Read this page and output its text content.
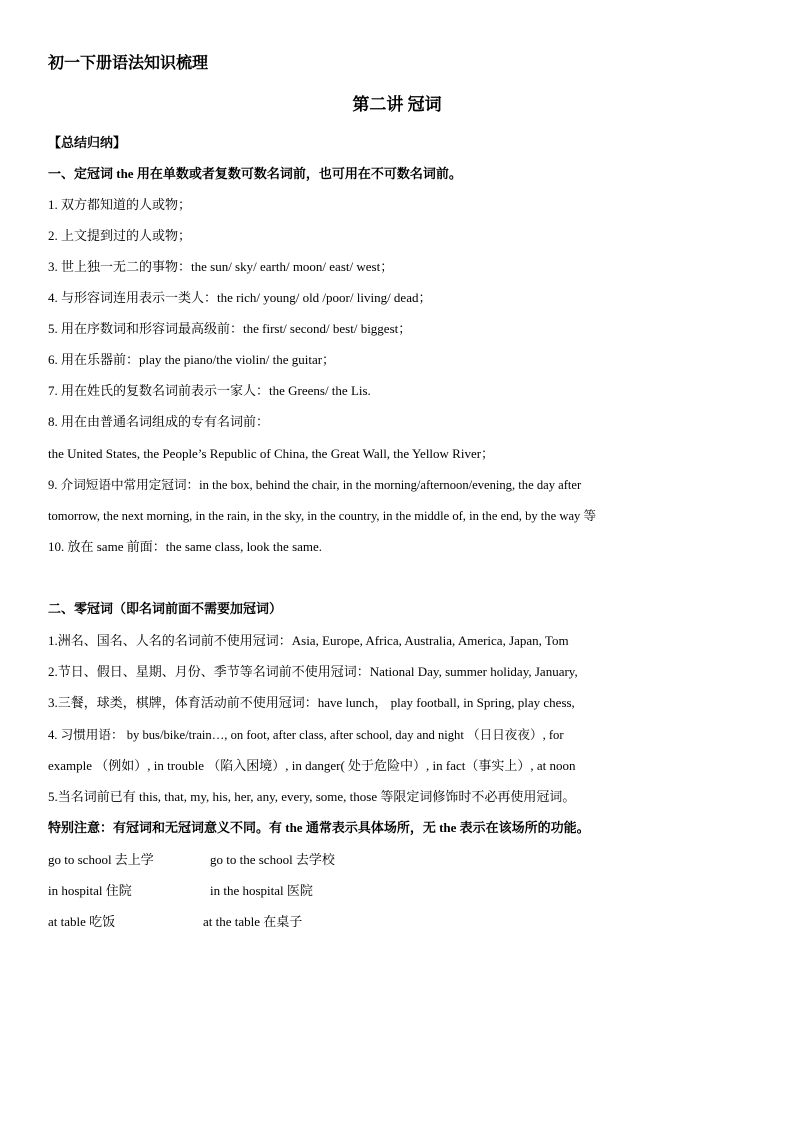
初一下册语法知识梳理
第二讲 冠词
【总结归纳】
一、定冠词 the 用在单数或者复数可数名词前，也可用在不可数名词前。
1. 双方都知道的人或物；
2. 上文提到过的人或物；
3. 世上独一无二的事物：the sun/ sky/ earth/ moon/ east/ west；
4. 与形容词连用表示一类人：the rich/ young/ old /poor/ living/ dead；
5. 用在序数词和形容词最高级前：the first/ second/ best/ biggest；
6. 用在乐器前：play the piano/the violin/ the guitar；
7. 用在姓氏的复数名词前表示一家人：the Greens/ the Lis.
8. 用在由普通名词组成的专有名词前：
the United States, the People’s Republic of China, the Great Wall, the Yellow River；
9. 介词短语中常用定冠词：in the box, behind the chair, in the morning/afternoon/evening, the day after
tomorrow, the next morning, in the rain, in the sky, in the country, in the middle of, in the end, by the way 等
10. 放在 same 前面：the same class, look the same.
二、零冠词（即名词前面不需要加冠词）
1.洲名、国名、人名的名词前不使用冠词：Asia, Europe, Africa, Australia, America, Japan, Tom
2.节日、假日、星期、月份、季节等名词前不使用冠词：National Day, summer holiday, January,
3.三餐，球类，棋牌，体育活动前不使用冠词：have lunch， play football, in Spring, play chess,
4. 习惯用语： by bus/bike/train…, on foot, after class, after school, day and night （日日夜夜）, for
example （例如）, in trouble （陷入困境）, in danger( 处于危险中）, in fact（事实上）, at noon
5.当名词前已有 this, that, my, his, her, any, every, some, those 等限定词修饰时不必再使用冠词。
特别注意：有冠词和无冠词意义不同。有 the 通常表示具体场所，无 the 表示在该场所的功能。
go to school 去上学	go to the school 去学校
in hospital 住院	in the hospital 医院
at table 吃饭	at the table 在桌子
